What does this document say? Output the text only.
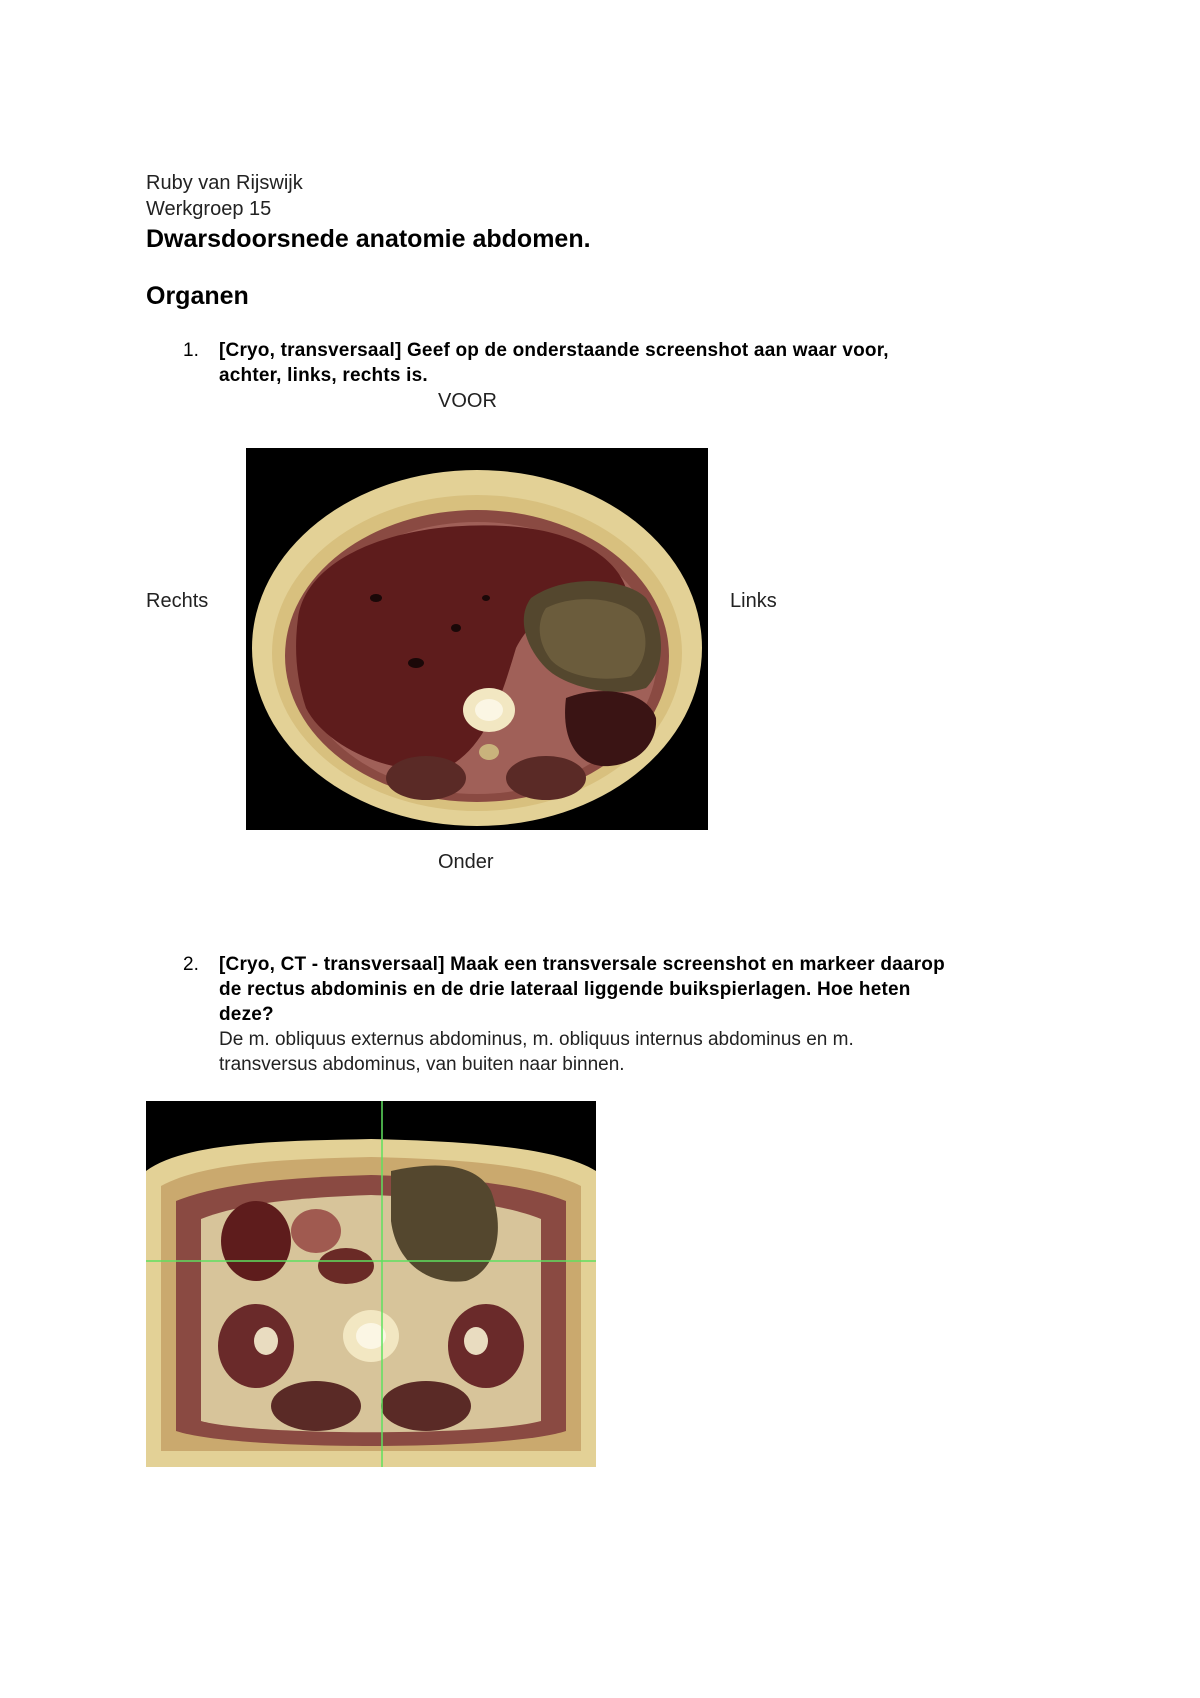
Ruby van Rijswijk
Werkgroep 15
Dwarsdoorsnede anatomie abdomen.
Organen
1. [Cryo, transversaal] Geef op de onderstaande screenshot aan waar voor,
achter, links, rechts is.
VOOR
Rechts	Links
Onder
2. [Cryo, CT - transversaal] Maak een transversale screenshot en markeer daarop
de rectus abdominis en de drie lateraal liggende buikspierlagen. Hoe heten
deze?
De m. obliquus externus abdominus, m. obliquus internus abdominus en m.
transversus abdominus, van buiten naar binnen.
